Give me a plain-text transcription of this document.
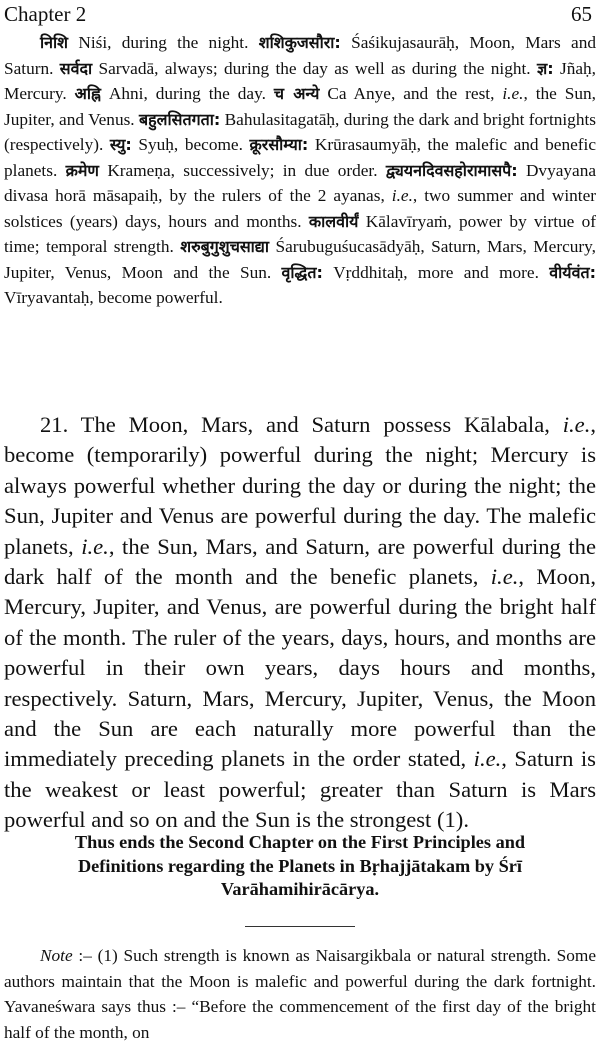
Chapter 2	65

निशि Niśi, during the night. शशिकुजसौरा: Śaśikujasaurāḥ, Moon, Mars and Saturn. सर्वदा Sarvadā, always; during the day as well as during the night. ज्ञ: Jñaḥ, Mercury. अह्नि Ahni, during the day. च अन्ये Ca Anye, and the rest, i.e., the Sun, Jupiter, and Venus. बहुलसितगता: Bahulasitagatāḥ, during the dark and bright fortnights (respectively). स्यु: Syuḥ, become. क्रूरसौम्या: Krūrasaumyāḥ, the malefic and benefic planets. क्रमेण Kramеṇa, successively; in due order. द्व्ययनदिवसहोरामासपै: Dvyayana divasa horā māsapaiḥ, by the rulers of the 2 ayanas, i.e., two summer and winter solstices (years) days, hours and months. कालवीर्यं Kālavīryaṁ, power by virtue of time; temporal strength. शरुबुगुशुचसाद्या Śarubuguśucasādyāḥ, Saturn, Mars, Mercury, Jupiter, Venus, Moon and the Sun. वृद्धित: Vṛddhitaḥ, more and more. वीर्यवंत: Vīryavantaḥ, become powerful.

21. The Moon, Mars, and Saturn possess Kālabala, i.e., become (temporarily) powerful during the night; Mercury is always powerful whether during the day or during the night; the Sun, Jupiter and Venus are powerful during the day. The malefic planets, i.e., the Sun, Mars, and Saturn, are powerful during the dark half of the month and the benefic planets, i.e., Moon, Mercury, Jupiter, and Venus, are powerful during the bright half of the month. The ruler of the years, days, hours, and months are powerful in their own years, days hours and months, respectively. Saturn, Mars, Mercury, Jupiter, Venus, the Moon and the Sun are each naturally more powerful than the immediately preceding planets in the order stated, i.e., Saturn is the weakest or least powerful; greater than Saturn is Mars powerful and so on and the Sun is the strongest (1).

Thus ends the Second Chapter on the First Principles and
Definitions regarding the Planets in Bṛhajjātakam by Śrī
Varāhamihirācārya.

Note :– (1) Such strength is known as Naisargikbala or natural strength. Some authors maintain that the Moon is malefic and powerful during the dark fortnight. Yavaneśwara says thus :– “Before the commencement of the first day of the bright half of the month, on
